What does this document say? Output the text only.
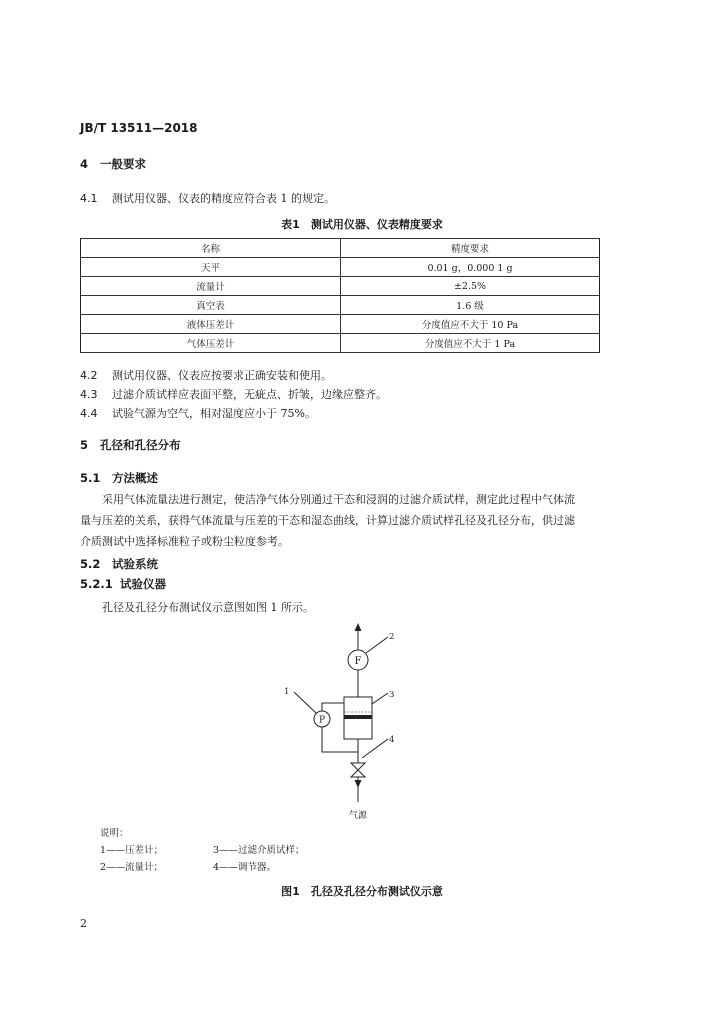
JB/T 13511—2018
4 一般要求
4.1 测试用仪器、仪表的精度应符合表 1 的规定。
表1　测试用仪器、仪表精度要求
名称	精度要求
天平	0.01 g，0.000 1 g
流量计	±2.5%
真空表	1.6 级
液体压差计	分度值应不大于 10 Pa
气体压差计	分度值应不大于 1 Pa
4.2 测试用仪器、仪表应按要求正确安装和使用。
4.3 过滤介质试样应表面平整，无疵点、折皱，边缘应整齐。
4.4 试验气源为空气，相对湿度应小于 75%。
5 孔径和孔径分布
5.1 方法概述
采用气体流量法进行测定，使洁净气体分别通过干态和浸润的过滤介质试样，测定此过程中气体流
量与压差的关系，获得气体流量与压差的干态和湿态曲线，计算过滤介质试样孔径及孔径分布，供过滤
介质测试中选择标准粒子或粉尘粒度参考。
5.2 试验系统
5.2.1 试验仪器
孔径及孔径分布测试仪示意图如图 1 所示。
F
P
1
2
3
4
气源
说明：
1——压差计；	3——过滤介质试样；
2——流量计；	4——调节器。
图1　孔径及孔径分布测试仪示意
2
